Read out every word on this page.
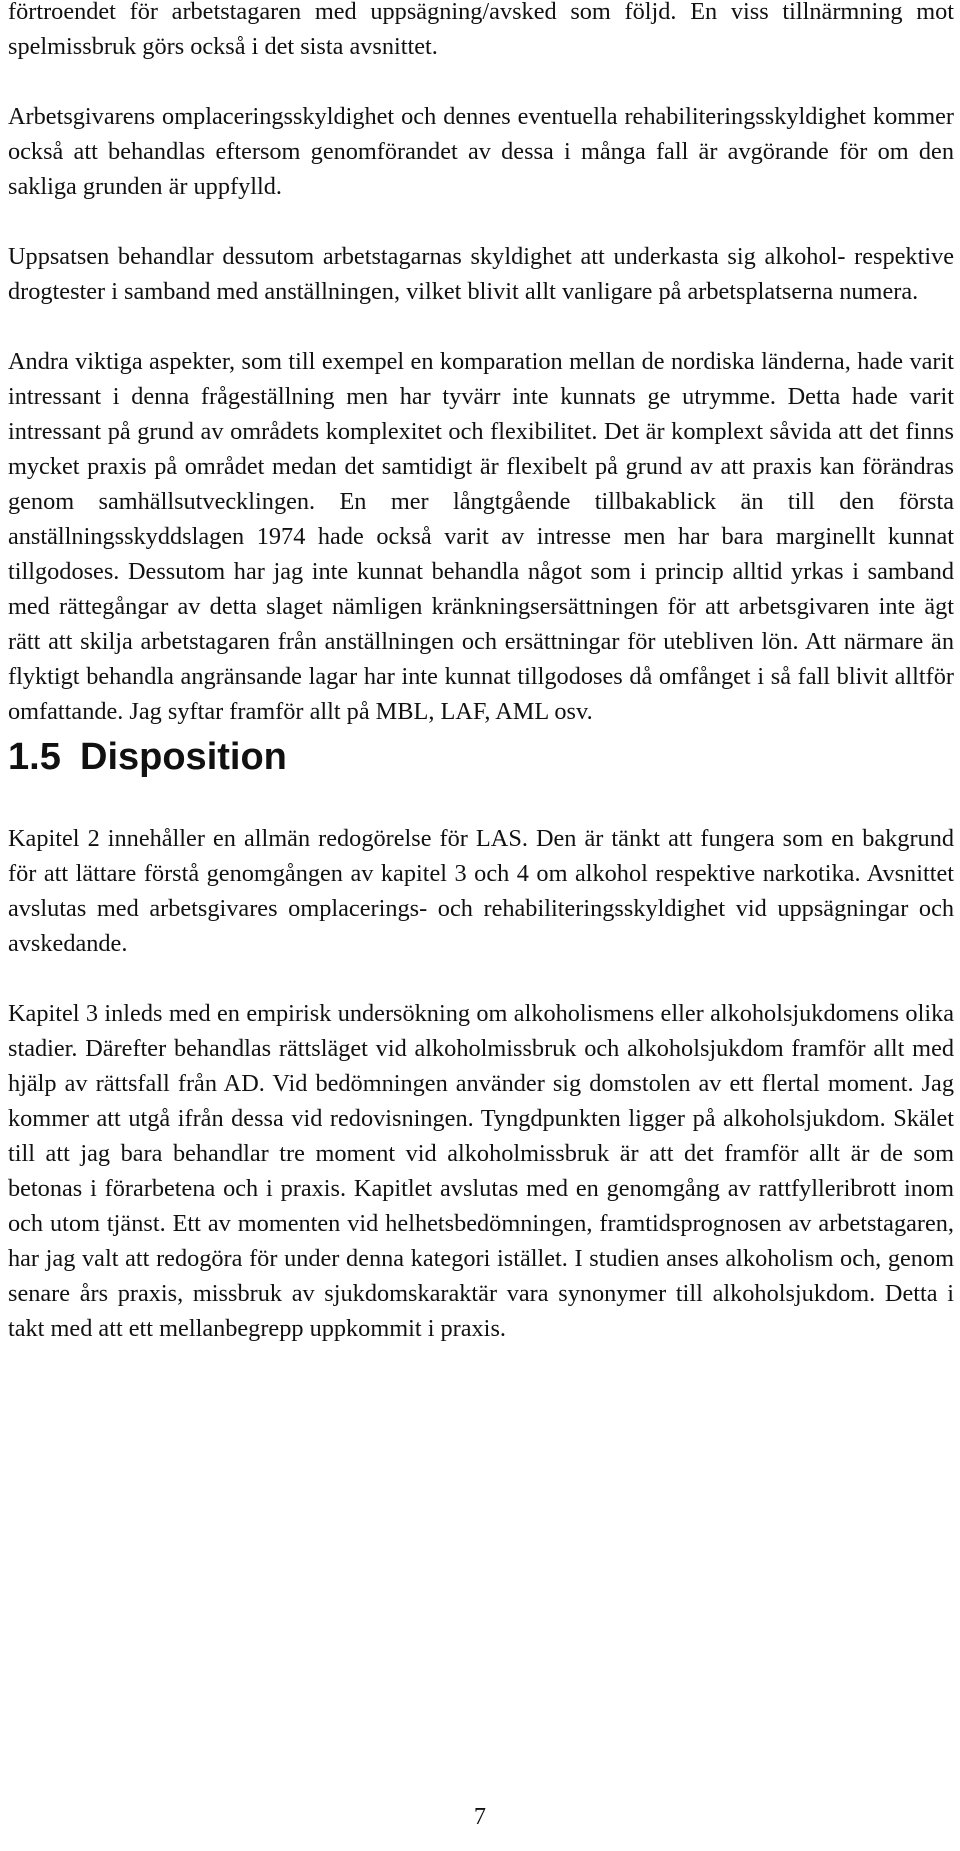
förtroendet för arbetstagaren med uppsägning/avsked som följd. En viss tillnärmning mot spelmissbruk görs också i det sista avsnittet.

Arbetsgivarens omplaceringsskyldighet och dennes eventuella rehabiliteringsskyldighet kommer också att behandlas eftersom genomförandet av dessa i många fall är avgörande för om den sakliga grunden är uppfylld.

Uppsatsen behandlar dessutom arbetstagarnas skyldighet att underkasta sig alkohol- respektive drogtester i samband med anställningen, vilket blivit allt vanligare på arbetsplatserna numera.

Andra viktiga aspekter, som till exempel en komparation mellan de nordiska länderna, hade varit intressant i denna frågeställning men har tyvärr inte kunnats ge utrymme. Detta hade varit intressant på grund av områdets komplexitet och flexibilitet. Det är komplext såvida att det finns mycket praxis på området medan det samtidigt är flexibelt på grund av att praxis kan förändras genom samhällsutvecklingen. En mer långtgående tillbakablick än till den första anställningsskyddslagen 1974 hade också varit av intresse men har bara marginellt kunnat tillgodoses. Dessutom har jag inte kunnat behandla något som i princip alltid yrkas i samband med rättegångar av detta slaget nämligen kränkningsersättningen för att arbetsgivaren inte ägt rätt att skilja arbetstagaren från anställningen och ersättningar för utebliven lön. Att närmare än flyktigt behandla angränsande lagar har inte kunnat tillgodoses då omfånget i så fall blivit alltför omfattande. Jag syftar framför allt på MBL, LAF, AML osv.

1.5 Disposition

Kapitel 2 innehåller en allmän redogörelse för LAS. Den är tänkt att fungera som en bakgrund för att lättare förstå genomgången av kapitel 3 och 4 om alkohol respektive narkotika. Avsnittet avslutas med arbetsgivares omplacerings- och rehabiliteringsskyldighet vid uppsägningar och avskedande.

Kapitel 3 inleds med en empirisk undersökning om alkoholismens eller alkoholsjukdomens olika stadier. Därefter behandlas rättsläget vid alkoholmissbruk och alkoholsjukdom framför allt med hjälp av rättsfall från AD. Vid bedömningen använder sig domstolen av ett flertal moment. Jag kommer att utgå ifrån dessa vid redovisningen. Tyngdpunkten ligger på alkoholsjukdom. Skälet till att jag bara behandlar tre moment vid alkoholmissbruk är att det framför allt är de som betonas i förarbetena och i praxis. Kapitlet avslutas med en genomgång av rattfylleribrott inom och utom tjänst. Ett av momenten vid helhetsbedömningen, framtidsprognosen av arbetstagaren, har jag valt att redogöra för under denna kategori istället. I studien anses alkoholism och, genom senare års praxis, missbruk av sjukdomskaraktär vara synonymer till alkoholsjukdom. Detta i takt med att ett mellanbegrepp uppkommit i praxis.

7
